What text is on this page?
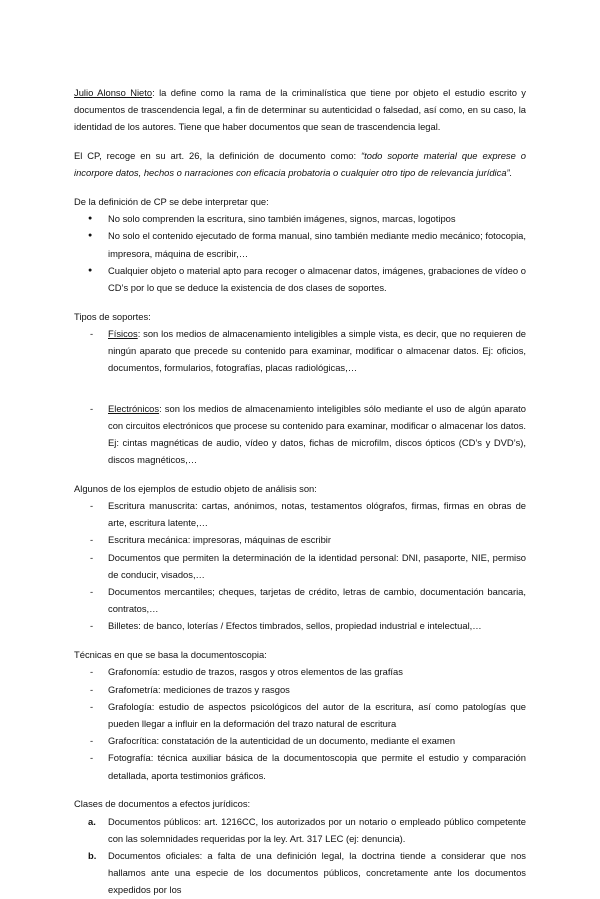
Julio Alonso Nieto: la define como la rama de la criminalística que tiene por objeto el estudio escrito y documentos de trascendencia legal, a fin de determinar su autenticidad o falsedad, así como, en su caso, la identidad de los autores. Tiene que haber documentos que sean de trascendencia legal.

El CP, recoge en su art. 26, la definición de documento como: “todo soporte material que exprese o incorpore datos, hechos o narraciones con eficacia probatoria o cualquier otro tipo de relevancia jurídica”.

De la definición de CP se debe interpretar que:

● No solo comprenden la escritura, sino también imágenes, signos, marcas, logotipos
● No solo el contenido ejecutado de forma manual, sino también mediante medio mecánico; fotocopia, impresora, máquina de escribir,…
● Cualquier objeto o material apto para recoger o almacenar datos, imágenes, grabaciones de vídeo o CD’s por lo que se deduce la existencia de dos clases de soportes.

Tipos de soportes:

- Físicos: son los medios de almacenamiento inteligibles a simple vista, es decir, que no requieren de ningún aparato que precede su contenido para examinar, modificar o almacenar datos. Ej: oficios, documentos, formularios, fotografías, placas radiológicas,…
- Electrónicos: son los medios de almacenamiento inteligibles sólo mediante el uso de algún aparato con circuitos electrónicos que procese su contenido para examinar, modificar o almacenar los datos. Ej: cintas magnéticas de audio, vídeo y datos, fichas de microfilm, discos ópticos (CD’s y DVD’s), discos magnéticos,…

Algunos de los ejemplos de estudio objeto de análisis son:

- Escritura manuscrita: cartas, anónimos, notas, testamentos ológrafos, firmas, firmas en obras de arte, escritura latente,…
- Escritura mecánica: impresoras, máquinas de escribir
- Documentos que permiten la determinación de la identidad personal: DNI, pasaporte, NIE, permiso de conducir, visados,…
- Documentos mercantiles; cheques, tarjetas de crédito, letras de cambio, documentación bancaria, contratos,…
- Billetes: de banco, loterías / Efectos timbrados, sellos, propiedad industrial e intelectual,…

Técnicas en que se basa la documentoscopia:

- Grafonomía: estudio de trazos, rasgos y otros elementos de las grafías
- Grafometría: mediciones de trazos y rasgos
- Grafología: estudio de aspectos psicológicos del autor de la escritura, así como patologías que pueden llegar a influir en la deformación del trazo natural de escritura
- Grafocrítica: constatación de la autenticidad de un documento, mediante el examen
- Fotografía: técnica auxiliar básica de la documentoscopia que permite el estudio y comparación detallada, aporta testimonios gráficos.

Clases de documentos a efectos jurídicos:

a. Documentos públicos: art. 1216CC, los autorizados por un notario o empleado público competente con las solemnidades requeridas por la ley. Art. 317 LEC (ej: denuncia).
b. Documentos oficiales: a falta de una definición legal, la doctrina tiende a considerar que nos hallamos ante una especie de los documentos públicos, concretamente ante los documentos expedidos por los
